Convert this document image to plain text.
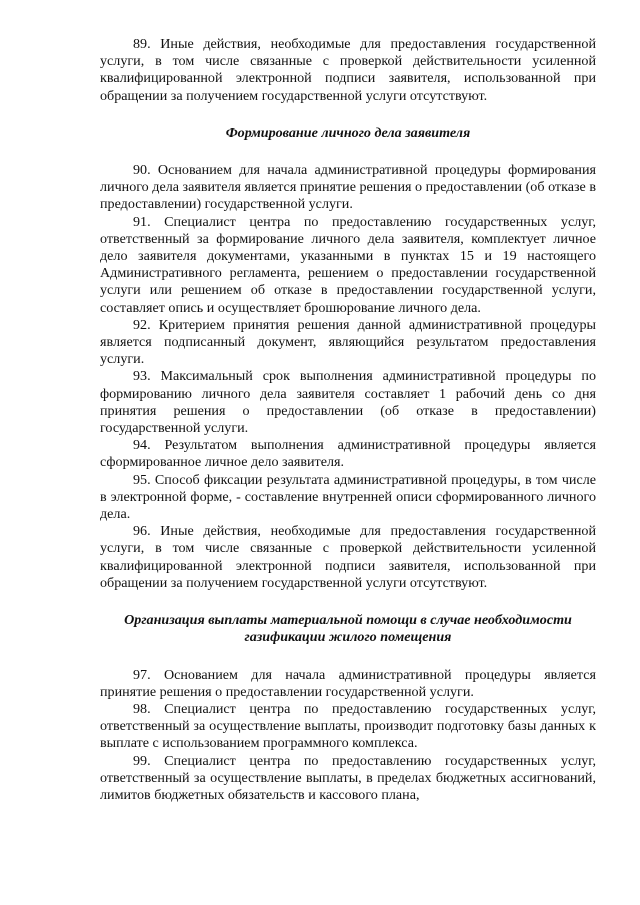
89. Иные действия, необходимые для предоставления государственной услуги, в том числе связанные с проверкой действительности усиленной квалифицированной электронной подписи заявителя, использованной при обращении за получением государственной услуги отсутствуют.

Формирование личного дела заявителя

90. Основанием для начала административной процедуры формирования личного дела заявителя является принятие решения о предоставлении (об отказе в предоставлении) государственной услуги.

91. Специалист центра по предоставлению государственных услуг, ответственный за формирование личного дела заявителя, комплектует личное дело заявителя документами, указанными в пунктах 15 и 19 настоящего Административного регламента, решением о предоставлении государственной услуги или решением об отказе в предоставлении государственной услуги, составляет опись и осуществляет брошюрование личного дела.

92. Критерием принятия решения данной административной процедуры является подписанный документ, являющийся результатом предоставления услуги.

93. Максимальный срок выполнения административной процедуры по формированию личного дела заявителя составляет 1 рабочий день со дня принятия решения о предоставлении (об отказе в предоставлении) государственной услуги.

94. Результатом выполнения административной процедуры является сформированное личное дело заявителя.

95. Способ фиксации результата административной процедуры, в том числе в электронной форме, - составление внутренней описи сформированного личного дела.

96. Иные действия, необходимые для предоставления государственной услуги, в том числе связанные с проверкой действительности усиленной квалифицированной электронной подписи заявителя, использованной при обращении за получением государственной услуги отсутствуют.

Организация выплаты материальной помощи в случае необходимости
газификации жилого помещения

97. Основанием для начала административной процедуры является принятие решения о предоставлении государственной услуги.

98. Специалист центра по предоставлению государственных услуг, ответственный за осуществление выплаты, производит подготовку базы данных к выплате с использованием программного комплекса.

99. Специалист центра по предоставлению государственных услуг, ответственный за осуществление выплаты, в пределах бюджетных ассигнований, лимитов бюджетных обязательств и кассового плана,
